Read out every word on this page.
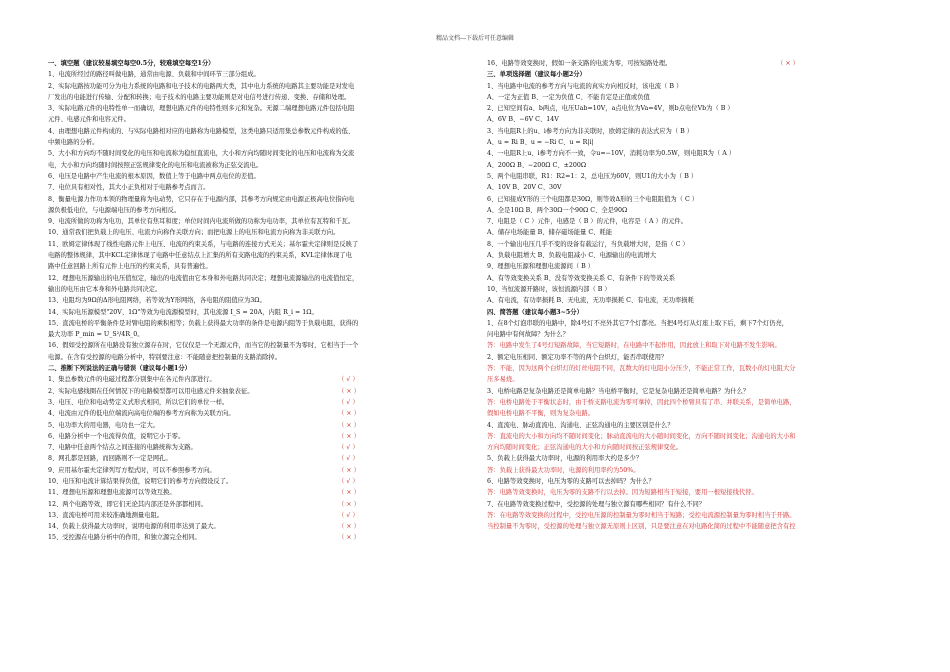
精品文档---下载后可任意编辑
一、填空题（建议较易填空每空0.5分，较难填空每空1分）
1、电流所经过的路径叫做电路，通常由电源、负载和中间环节三部分组成。
2、实际电路按功能可分为电力系统的电路和电子技术的电路两大类，其中电力系统的电路其主要功能是对发电
厂发出的电能进行传输、分配和转换；电子技术的电路主要功能则是对电信号进行传递、变换、存储和处理。
3、实际电路元件的电特性单一而确切，理想电路元件的电特性则多元和复杂。无源二端理想电路元件包括电阻
元件、电感元件和电容元件。
4、由理想电路元件构成的、与实际电路相对应的电路称为电路模型，这类电路只适用集总参数元件构成的低、
中频电路的分析。
5、大小和方向均不随时间变化的电压和电流称为稳恒直流电，大小和方向均随时间变化的电压和电流称为交流
电，大小和方向均随时间按照正弦规律变化的电压和电流被称为正弦交流电。
6、电压是电路中产生电流的根本原因，数值上等于电路中两点电位的差值。
7、电位具有相对性，其大小正负相对于电路参考点而言。
8、衡量电源力作功本领的物理量称为电动势，它只存在于电源内部，其参考方向规定由电源正极高电位指向电
源负极低电位，与电源端电压的参考方向相反。
9、电流所做的功称为电功，其单位有焦耳和度；单位时间内电流所做的功称为电功率，其单位有瓦特和千瓦。
10、通常我们把负载上的电压、电流方向称作关联方向；而把电源上的电压和电流方向称为非关联方向。
11、欧姆定律体现了线性电路元件上电压、电流的约束关系，与电路的连接方式无关；基尔霍夫定律则是反映了
电路的整体规律，其中KCL定律体现了电路中任意结点上汇集的所有支路电流的约束关系，KVL定律体现了电
路中任意回路上所有元件上电压的约束关系，具有普遍性。
12、理想电压源输出的电压值恒定，输出的电流值由它本身和外电路共同决定；理想电流源输出的电流值恒定，
输出的电压由它本身和外电路共同决定。
13、电阻均为9Ω的Δ形电阻网络，若等效为Y形网络，各电阻的阻值应为3Ω。
14、实际电压源模型"20V、1Ω"等效为电流源模型时，其电流源 I_S = 20A，内阻 R_i = 1Ω。
15、直流电桥的平衡条件是对臂电阻的乘积相等；负载上获得最大功率的条件是电源内阻等于负载电阻，获得的
最大功率 P_min = U_S²/4R_0。
16、假如受控源所在电路没有独立源存在时，它仅仅是一个无源元件，而当它的控制量不为零时，它相当于一个
电源。在含有受控源的电路分析中，特别要注意：不能随意把控制量的支路消除掉。
二、推断下列说法的正确与错误（建议每小题1分）
1、集总参数元件的电磁过程都分别集中在各元件内部进行。	（ √ ）
2、实际电感线圈在任何情况下的电路模型都可以用电感元件来抽象表征。	（ × ）
3、电压、电位和电动势定义式形式相同，所以它们的单位一样。	（ √ ）
4、电流由元件的低电位端流向高电位端的参考方向称为关联方向。	（ × ）
5、电功率大的用电器，电功也一定大。	（ × ）
6、电路分析中一个电流得负值，说明它小于零。	（ × ）
7、电路中任意两个结点之间连接的电路统称为支路。	（ √ ）
8、网孔都是回路，而回路则不一定是网孔。	（ √ ）
9、应用基尔霍夫定律列写方程式时，可以不参照参考方向。	（ × ）
10、电压和电流计算结果得负值，说明它们的参考方向假设反了。	（ √ ）
11、理想电压源和理想电流源可以等效互换。	（ × ）
12、两个电路等效，即它们无论其内部还是外部都相同。	（ × ）
13、直流电桥可用来较准确地测量电阻。	（ √ ）
14、负载上获得最大功率时，说明电源的利用率达到了最大。	（ × ）
15、受控源在电路分析中的作用，和独立源完全相同。	（ × ）
16、电路等效变换时，假如一条支路的电流为零，可按短路处理。	（ × ）
三、单项选择题（建议每小题2分）
1、当电路中电流的参考方向与电流的真实方向相反时，该电流（ B ）
A、一定为正值 B、一定为负值 C、不能肯定是正值或负值
2、已知空间有a、b两点，电压Uab=10V，a点电位为Va=4V，则b点电位Vb为（ B ）
A、6V B、−6V C、14V
3、当电阻R上的u、i参考方向为非关联时，欧姆定律的表达式应为（ B ）
A、u = Ri B、u = −Ri C、u = R|i|
4、一电阻R上u、i参考方向不一致，令u=−10V，消耗功率为0.5W，则电阻R为（ A ）
A、200Ω B、−200Ω C、±200Ω
5、两个电阻串联，R1：R2=1：2，总电压为60V，则U1的大小为（ B ）
A、10V B、20V C、30V
6、已知接成Y形的三个电阻都是30Ω，则等效Δ形的三个电阻阻值为（ C ）
A、全是10Ω B、两个30Ω一个90Ω C、全是90Ω
7、电阻是（ C ）元件，电感是（ B ）的元件，电容是（ A ）的元件。
A、储存电场能量 B、储存磁场能量 C、耗能
8、一个输出电压几乎不变的设备有载运行，当负载增大时，是指（ C ）
A、负载电阻增大 B、负载电阻减小 C、电源输出的电流增大
9、理想电压源和理想电流源间（ B ）
A、有等效变换关系 B、没有等效变换关系 C、有条件下的等效关系
10、当恒流源开路时，该恒流源内部（ B ）
A、有电流，有功率损耗 B、无电流，无功率损耗 C、有电流，无功率损耗
四、简答题（建议每小题3~5分）
1、在8个灯泡串联的电路中，除4号灯不亮外其它7个灯都亮。当把4号灯从灯座上取下后，剩下7个灯仍亮，
问电路中有何故障？为什么？
答：电路中发生了4号灯短路故障，当它短路时，在电路中不起作用，因此放上和取下对电路不发生影响。
2、额定电压相同、额定功率不等的两个白炽灯，能否串联使用？
答：不能，因为这两个白炽灯的灯丝电阻不同，瓦数大的灯电阻小分压少，不能正常工作，瓦数小的灯电阻大分
压多易烧。
3、电桥电路是复杂电路还是简单电路？当电桥平衡时，它是复杂电路还是简单电路？为什么？
答：电桥电路处于平衡状态时，由于桥支路电流为零可拿掉，因此四个桥臂具有了串、并联关系，是简单电路，
假如电桥电路不平衡，则为复杂电路。
4、直流电、脉动直流电、沟通电、正弦沟通电的主要区别是什么？
答：直流电的大小和方向均不随时间变化；脉动直流电的大小随时间变化，方向不随时间变化；沟通电的大小和
方向均随时间变化；正弦沟通电的大小和方向随时间按正弦规律变化。
5、负载上获得最大功率时，电源的利用率大约是多少？
答：负载上获得最大功率时，电源的利用率约为50%。
6、电路等效变换时，电压为零的支路可以去掉吗？为什么？
答：电路等效变换时，电压为零的支路不行以去掉。因为短路相当于短接，要用一根短接线代替。
7、在电路等效变换过程中，受控源的处理与独立源有哪些相同？有什么不同？
答：在电路等效变换的过程中，受控电压源的控制量为零时相当于短路；受控电流源控制量为零时相当于开路。
当控制量不为零时，受控源的处理与独立源无原则上区别，只是要注意在对电路化简的过程中不能随意把含有控
